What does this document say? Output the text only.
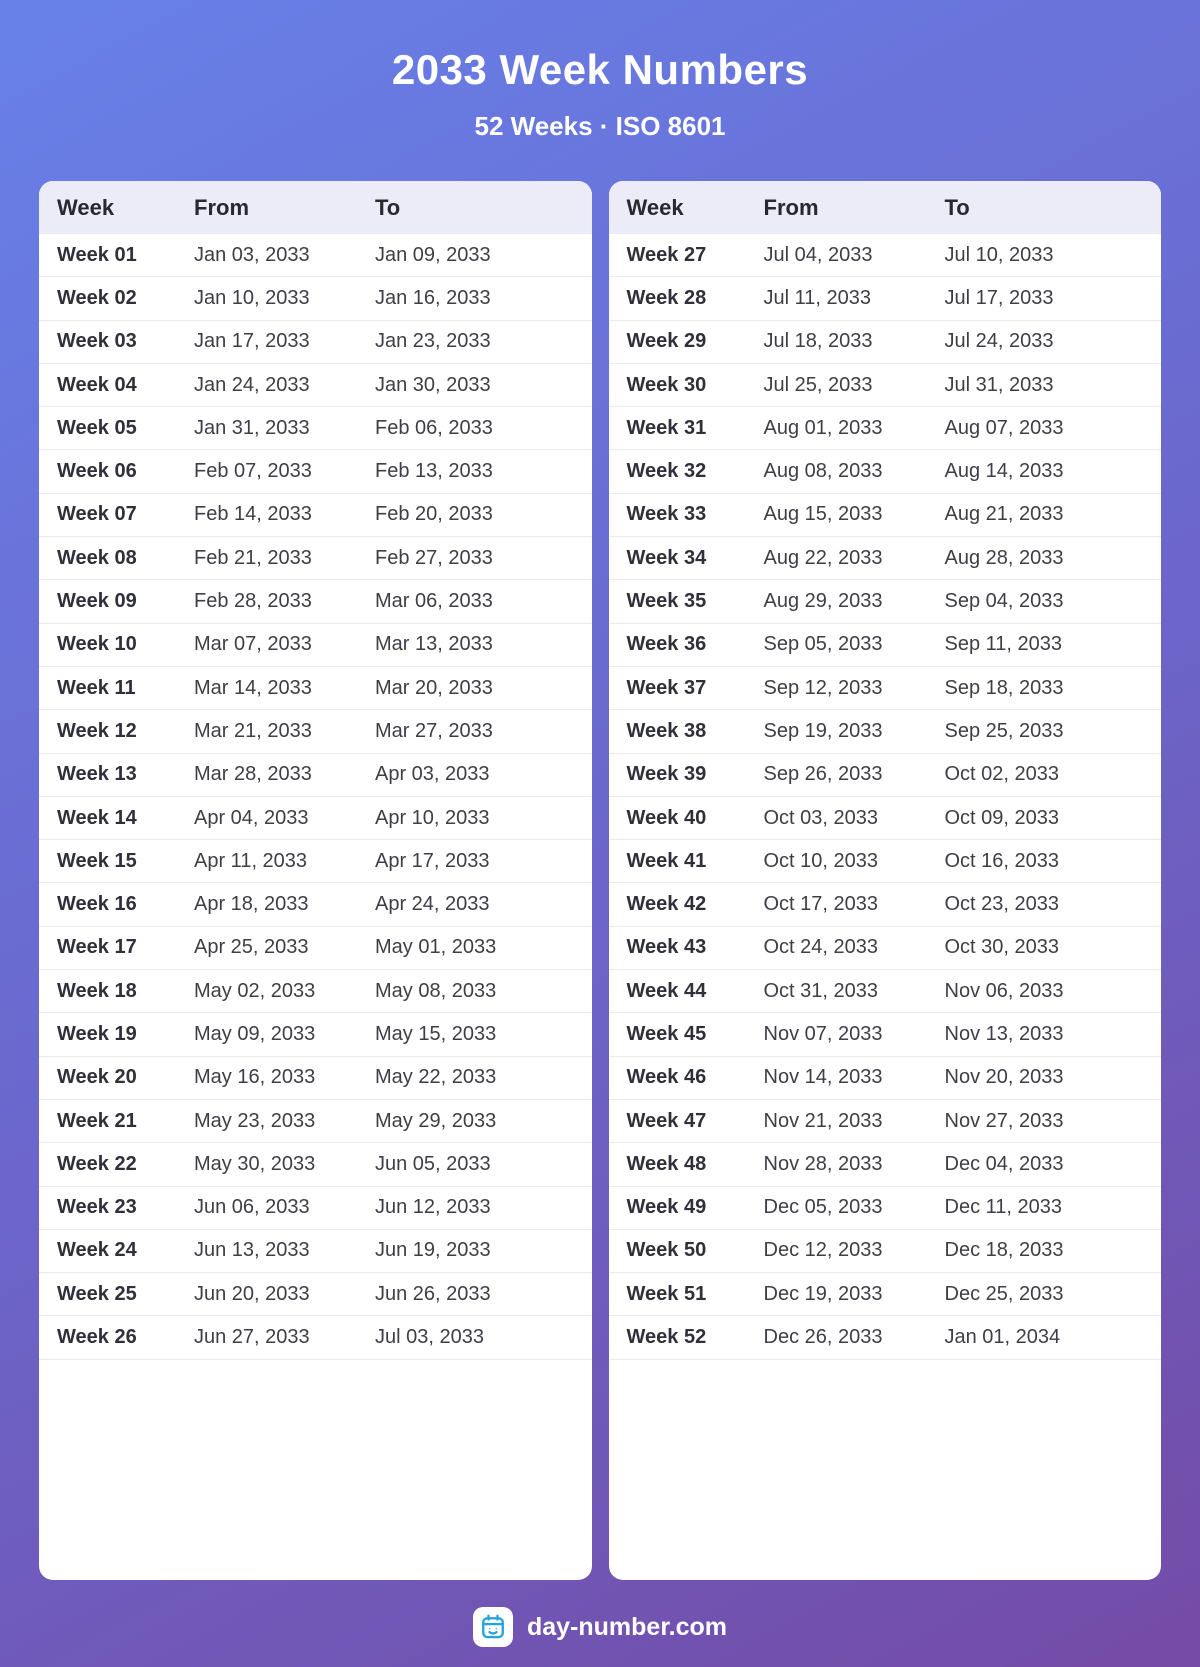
2033 Week Numbers
52 Weeks · ISO 8601
Week	From	To
Week 01	Jan 03, 2033	Jan 09, 2033
Week 02	Jan 10, 2033	Jan 16, 2033
Week 03	Jan 17, 2033	Jan 23, 2033
Week 04	Jan 24, 2033	Jan 30, 2033
Week 05	Jan 31, 2033	Feb 06, 2033
Week 06	Feb 07, 2033	Feb 13, 2033
Week 07	Feb 14, 2033	Feb 20, 2033
Week 08	Feb 21, 2033	Feb 27, 2033
Week 09	Feb 28, 2033	Mar 06, 2033
Week 10	Mar 07, 2033	Mar 13, 2033
Week 11	Mar 14, 2033	Mar 20, 2033
Week 12	Mar 21, 2033	Mar 27, 2033
Week 13	Mar 28, 2033	Apr 03, 2033
Week 14	Apr 04, 2033	Apr 10, 2033
Week 15	Apr 11, 2033	Apr 17, 2033
Week 16	Apr 18, 2033	Apr 24, 2033
Week 17	Apr 25, 2033	May 01, 2033
Week 18	May 02, 2033	May 08, 2033
Week 19	May 09, 2033	May 15, 2033
Week 20	May 16, 2033	May 22, 2033
Week 21	May 23, 2033	May 29, 2033
Week 22	May 30, 2033	Jun 05, 2033
Week 23	Jun 06, 2033	Jun 12, 2033
Week 24	Jun 13, 2033	Jun 19, 2033
Week 25	Jun 20, 2033	Jun 26, 2033
Week 26	Jun 27, 2033	Jul 03, 2033
Week	From	To
Week 27	Jul 04, 2033	Jul 10, 2033
Week 28	Jul 11, 2033	Jul 17, 2033
Week 29	Jul 18, 2033	Jul 24, 2033
Week 30	Jul 25, 2033	Jul 31, 2033
Week 31	Aug 01, 2033	Aug 07, 2033
Week 32	Aug 08, 2033	Aug 14, 2033
Week 33	Aug 15, 2033	Aug 21, 2033
Week 34	Aug 22, 2033	Aug 28, 2033
Week 35	Aug 29, 2033	Sep 04, 2033
Week 36	Sep 05, 2033	Sep 11, 2033
Week 37	Sep 12, 2033	Sep 18, 2033
Week 38	Sep 19, 2033	Sep 25, 2033
Week 39	Sep 26, 2033	Oct 02, 2033
Week 40	Oct 03, 2033	Oct 09, 2033
Week 41	Oct 10, 2033	Oct 16, 2033
Week 42	Oct 17, 2033	Oct 23, 2033
Week 43	Oct 24, 2033	Oct 30, 2033
Week 44	Oct 31, 2033	Nov 06, 2033
Week 45	Nov 07, 2033	Nov 13, 2033
Week 46	Nov 14, 2033	Nov 20, 2033
Week 47	Nov 21, 2033	Nov 27, 2033
Week 48	Nov 28, 2033	Dec 04, 2033
Week 49	Dec 05, 2033	Dec 11, 2033
Week 50	Dec 12, 2033	Dec 18, 2033
Week 51	Dec 19, 2033	Dec 25, 2033
Week 52	Dec 26, 2033	Jan 01, 2034
day-number.com
